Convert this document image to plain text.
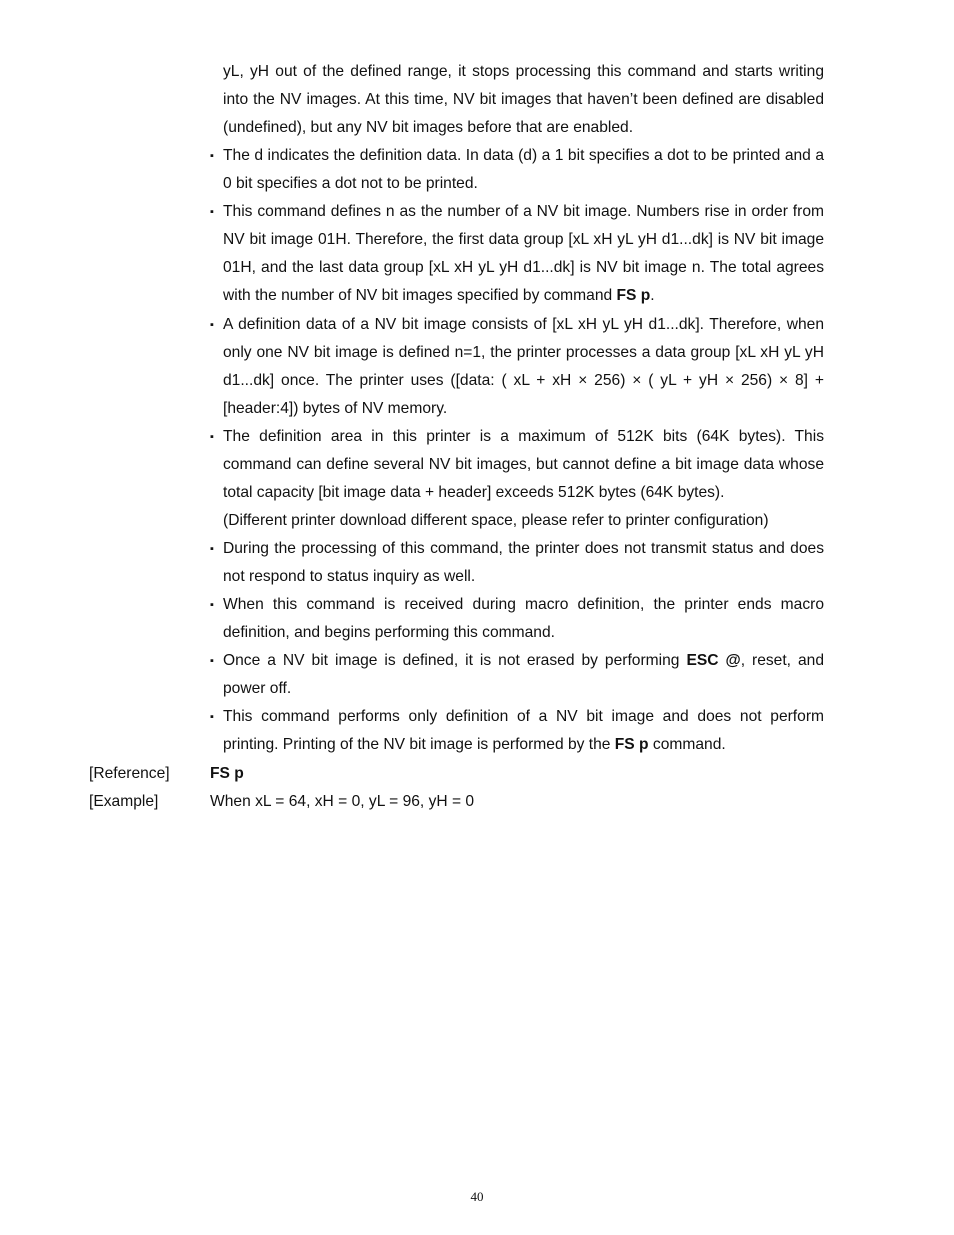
yL, yH out of the defined range, it stops processing this command and starts writing into the NV images. At this time, NV bit images that haven’t been defined are disabled (undefined), but any NV bit images before that are enabled.

▪ The d indicates the definition data. In data (d) a 1 bit specifies a dot to be printed and a 0 bit specifies a dot not to be printed.

▪ This command defines n as the number of a NV bit image. Numbers rise in order from NV bit image 01H. Therefore, the first data group [xL xH yL yH d1...dk] is NV bit image 01H, and the last data group [xL xH yL yH d1...dk] is NV bit image n. The total agrees with the number of NV bit images specified by command FS p.

▪ A definition data of a NV bit image consists of [xL xH yL yH d1...dk]. Therefore, when only one NV bit image is defined n=1, the printer processes a data group [xL xH yL yH d1...dk] once. The printer uses ([data: ( xL + xH × 256) × ( yL + yH × 256) × 8] + [header:4]) bytes of NV memory.

▪ The definition area in this printer is a maximum of 512K bits (64K bytes). This command can define several NV bit images, but cannot define a bit image data whose total capacity [bit image data + header] exceeds 512K bytes (64K bytes).

(Different printer download different space, please refer to printer configuration)

▪ During the processing of this command, the printer does not transmit status and does not respond to status inquiry as well.

▪ When this command is received during macro definition, the printer ends macro definition, and begins performing this command.

▪ Once a NV bit image is defined, it is not erased by performing ESC @, reset, and power off.

▪ This command performs only definition of a NV bit image and does not perform printing. Printing of the NV bit image is performed by the FS p command.

[Reference]	FS p
[Example]	When xL = 64, xH = 0, yL = 96, yH = 0
40
